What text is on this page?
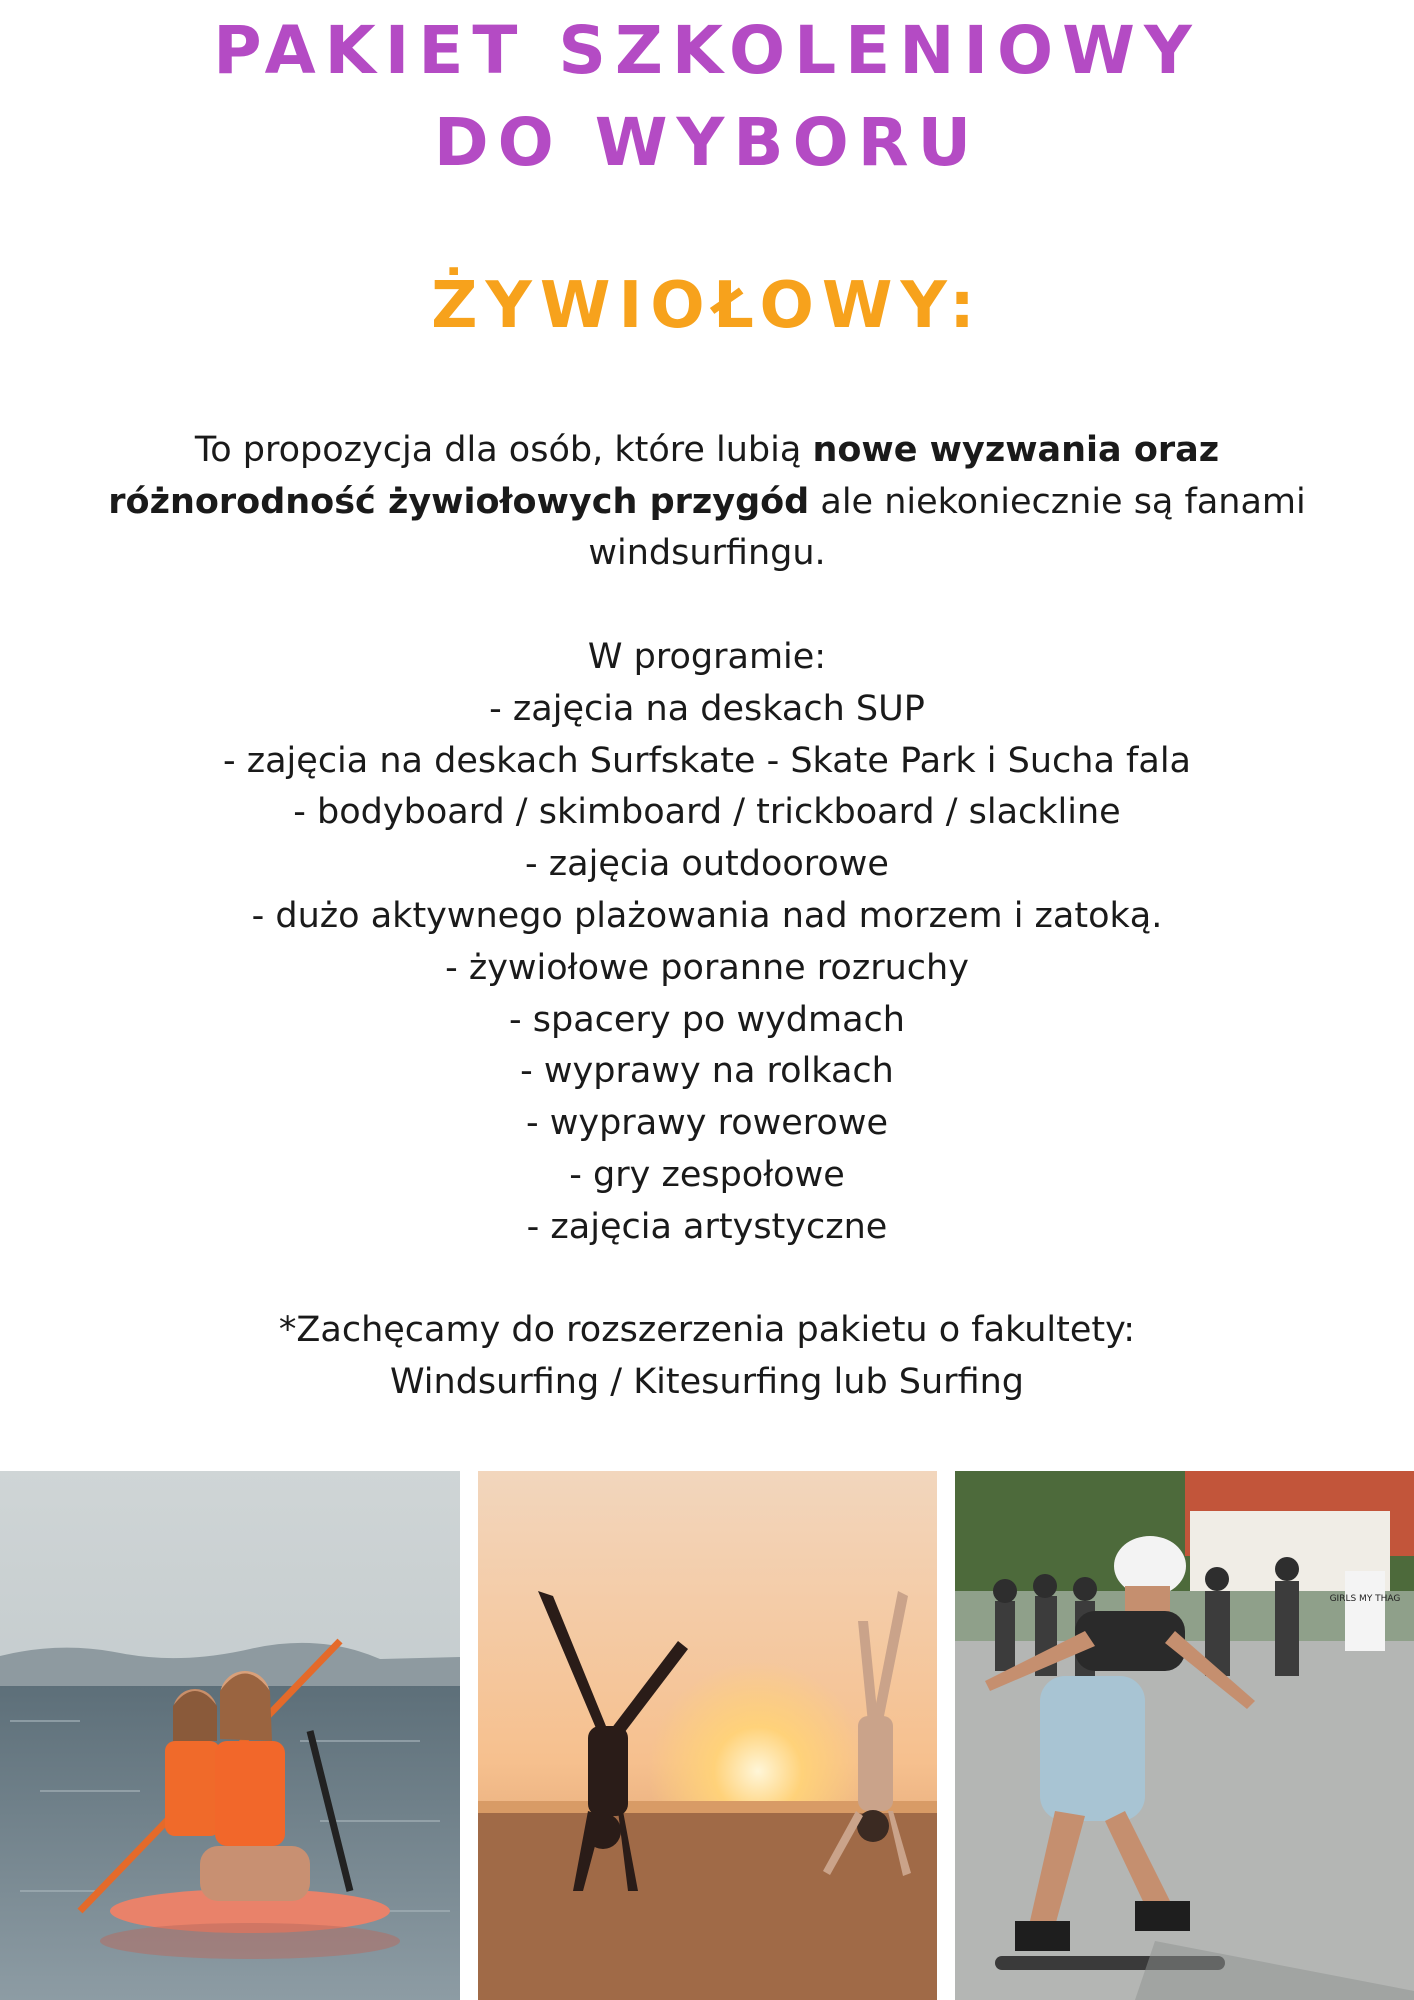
PAKIET SZKOLENIOWY
DO WYBORU
ŻYWIOŁOWY:

To propozycja dla osób, które lubią nowe wyzwania oraz różnorodność żywiołowych przygód ale niekoniecznie są fanami windsurfingu.

W programie:
- zajęcia na deskach SUP
- zajęcia na deskach Surfskate - Skate Park i Sucha fala
- bodyboard / skimboard / trickboard / slackline
- zajęcia outdoorowe
- dużo aktywnego plażowania nad morzem i zatoką.
- żywiołowe poranne rozruchy
- spacery po wydmach
- wyprawy na rolkach
- wyprawy rowerowe
- gry zespołowe
- zajęcia artystyczne

*Zachęcamy do rozszerzenia pakietu o fakultety:
Windsurfing / Kitesurfing lub Surfing

GIRLS MY THAG
